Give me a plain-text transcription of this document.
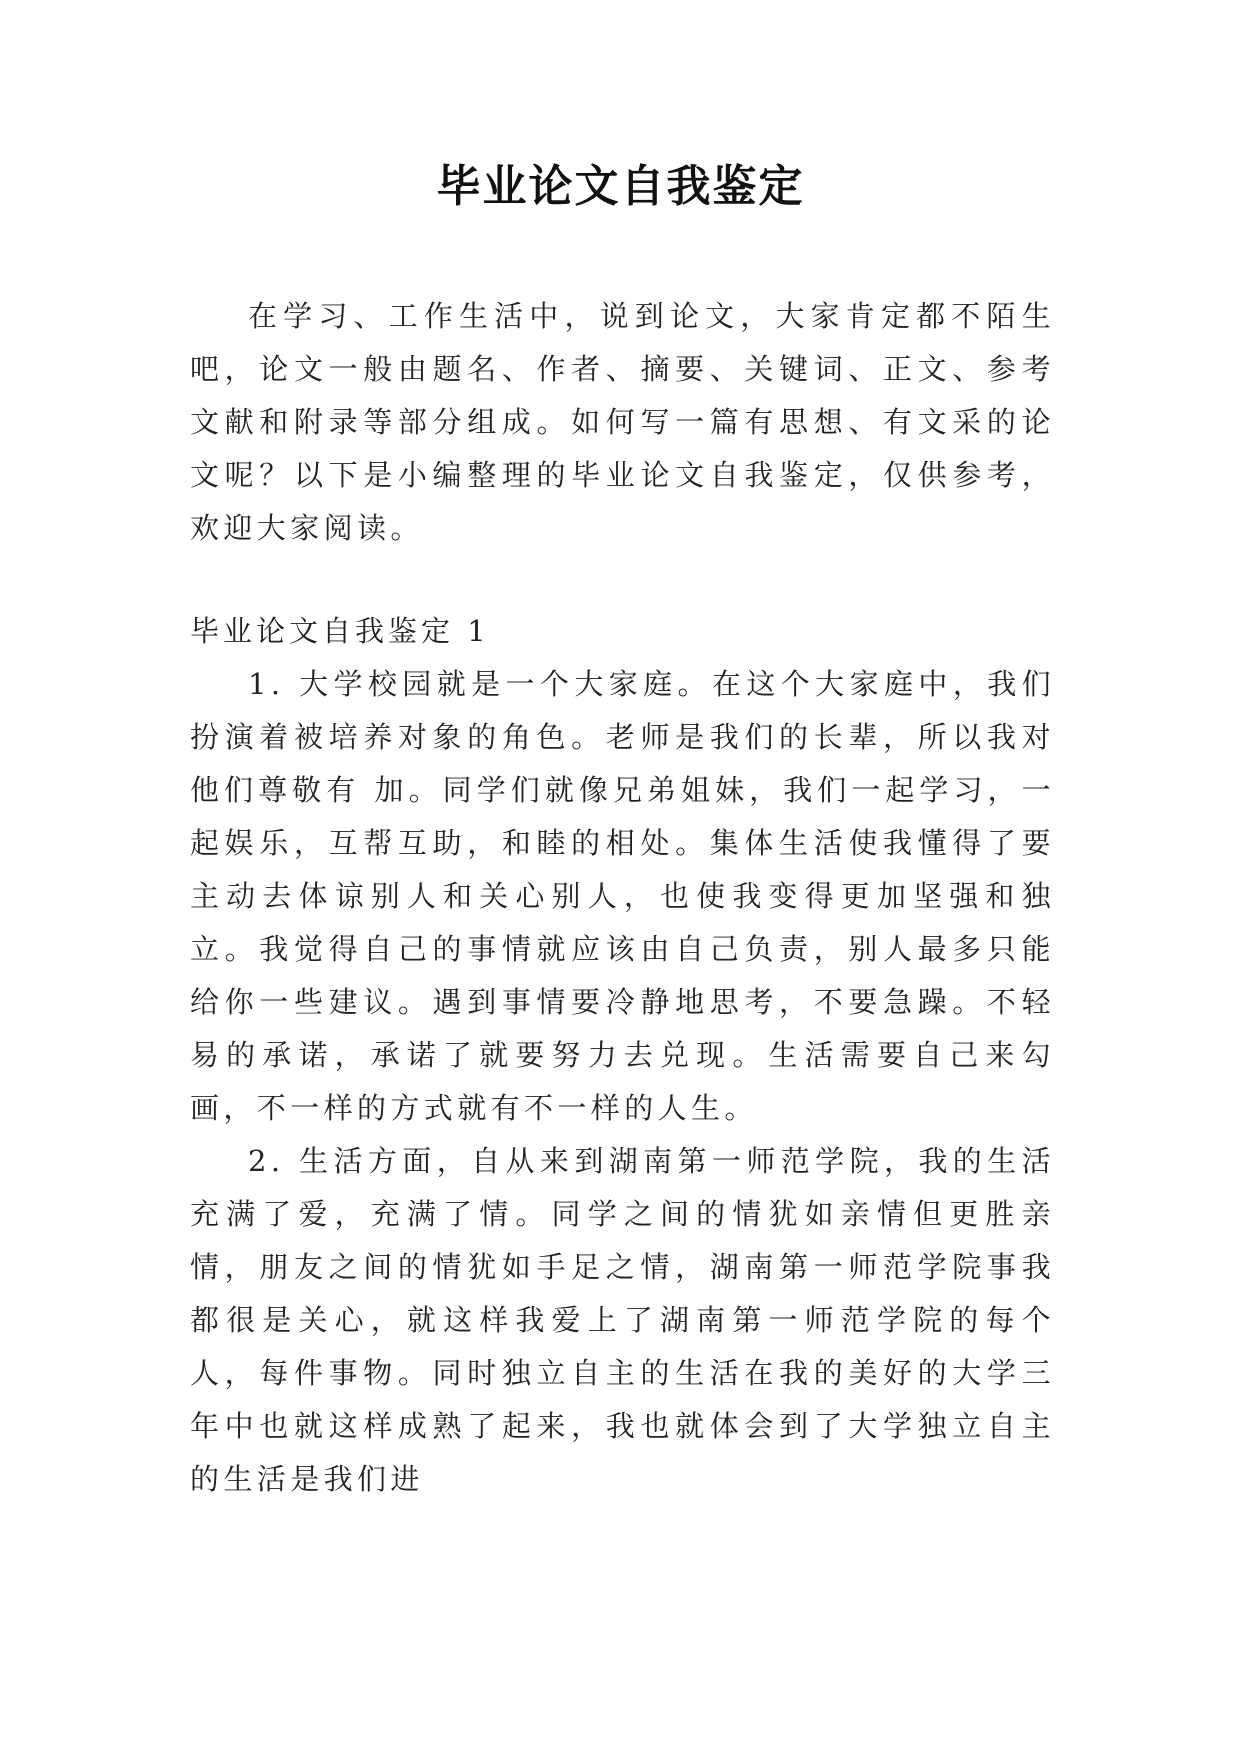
毕业论文自我鉴定

在学习、工作生活中，说到论文，大家肯定都不陌生吧，论文一般由题名、作者、摘要、关键词、正文、参考文献和附录等部分组成。如何写一篇有思想、有文采的论文呢？以下是小编整理的毕业论文自我鉴定，仅供参考，欢迎大家阅读。

毕业论文自我鉴定 1

1. 大学校园就是一个大家庭。在这个大家庭中，我们扮演着被培养对象的角色。老师是我们的长辈，所以我对他们尊敬有 加。同学们就像兄弟姐妹，我们一起学习，一起娱乐，互帮互助，和睦的相处。集体生活使我懂得了要主动去体谅别人和关心别人，也使我变得更加坚强和独立。我觉得自己的事情就应该由自己负责，别人最多只能给你一些建议。遇到事情要冷静地思考，不要急躁。不轻易的承诺，承诺了就要努力去兑现。生活需要自己来勾 画，不一样的方式就有不一样的人生。

2. 生活方面，自从来到湖南第一师范学院，我的生活充满了爱，充满了情。同学之间的情犹如亲情但更胜亲情，朋友之间的情犹如手足之情，湖南第一师范学院事我都很是关心，就这样我爱上了湖南第一师范学院的每个人，每件事物。同时独立自主的生活在我的美好的大学三年中也就这样成熟了起来，我也就体会到了大学独立自主的生活是我们进
